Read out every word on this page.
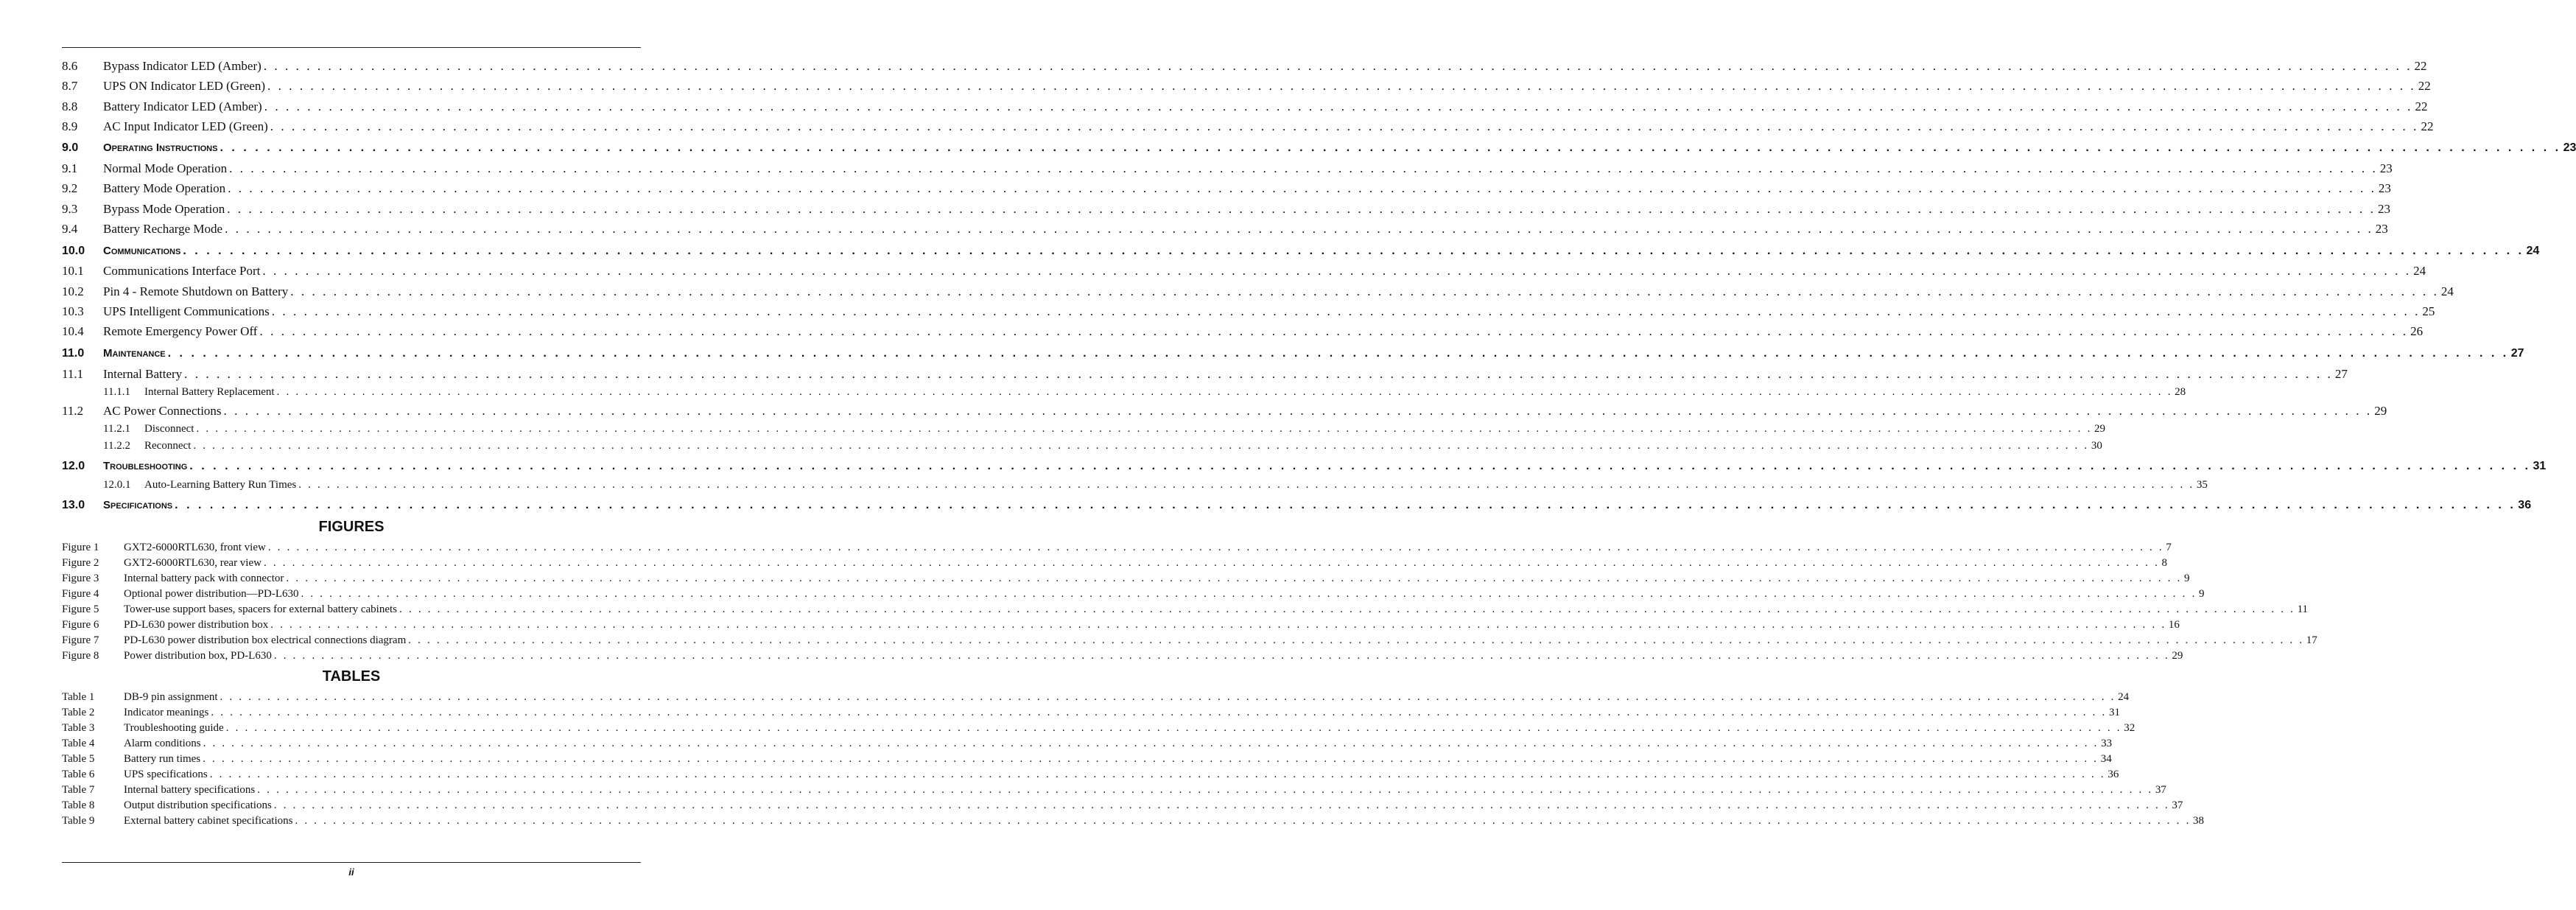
8.6	Bypass Indicator LED (Amber) . . . . . . . . . . . . . . . . . . . . . . . . . . . . . . . . . . . . . . . . . . . . . . . . . . . . . . . . . . . . . . . . . . . . . . . . . . . . . . . . . . . . . . . . . . . . . . . . . . . . . . . . . . . . . . . . . . . . . . . . . . . . . . . . . . . . . . . . . . . . . . . . . . . . . . . . . . . . . . . . . . . . . . . . . . . . . . . . . . . . . . . . . . . . . . . . . . . . . . . . 22
8.7	UPS ON Indicator LED (Green) . . . . . . . . . . . . . . . . . . . . . . . . . . . . . . . . . . . . . . . . . . . . . . . . . . . . . . . . . . . . . . . . . . . . . . . . . . . . . . . . . . . . . . . . . . . . . . . . . . . . . . . . . . . . . . . . . . . . . . . . . . . . . . . . . . . . . . . . . . . . . . . . . . . . . . . . . . . . . . . . . . . . . . . . . . . . . . . . . . . . . . . . . . . . . . . . . . . . . . . . 22
8.8	Battery Indicator LED (Amber) . . . . . . . . . . . . . . . . . . . . . . . . . . . . . . . . . . . . . . . . . . . . . . . . . . . . . . . . . . . . . . . . . . . . . . . . . . . . . . . . . . . . . . . . . . . . . . . . . . . . . . . . . . . . . . . . . . . . . . . . . . . . . . . . . . . . . . . . . . . . . . . . . . . . . . . . . . . . . . . . . . . . . . . . . . . . . . . . . . . . . . . . . . . . . . . . . . . . . . . . 22
8.9	AC Input Indicator LED (Green) . . . . . . . . . . . . . . . . . . . . . . . . . . . . . . . . . . . . . . . . . . . . . . . . . . . . . . . . . . . . . . . . . . . . . . . . . . . . . . . . . . . . . . . . . . . . . . . . . . . . . . . . . . . . . . . . . . . . . . . . . . . . . . . . . . . . . . . . . . . . . . . . . . . . . . . . . . . . . . . . . . . . . . . . . . . . . . . . . . . . . . . . . . . . . . . . . . . . . . . . 22
9.0	Operating Instructions . . . . . . . . . . . . . . . . . . . . . . . . . . . . . . . . . . . . . . . . . . . . . . . . . . . . . . . . . . . . . . . . . . . . . . . . . . . . . . . . . . . . . . . . . . . . . . . . . . . . . . . . . . . . . . . . . . . . . . . . . . . . . . . . . . . . . . . . . . . . . . . . . . . . . . . . . . . . . . . . . . . . . . . . . . . . . . . . . . . . . . . . . . . . . . . . . . . . . . . . 23
9.1	Normal Mode Operation . . . . . . . . . . . . . . . . . . . . . . . . . . . . . . . . . . . . . . . . . . . . . . . . . . . . . . . . . . . . . . . . . . . . . . . . . . . . . . . . . . . . . . . . . . . . . . . . . . . . . . . . . . . . . . . . . . . . . . . . . . . . . . . . . . . . . . . . . . . . . . . . . . . . . . . . . . . . . . . . . . . . . . . . . . . . . . . . . . . . . . . . . . . . . . . . . . . . . . . . 23
9.2	Battery Mode Operation . . . . . . . . . . . . . . . . . . . . . . . . . . . . . . . . . . . . . . . . . . . . . . . . . . . . . . . . . . . . . . . . . . . . . . . . . . . . . . . . . . . . . . . . . . . . . . . . . . . . . . . . . . . . . . . . . . . . . . . . . . . . . . . . . . . . . . . . . . . . . . . . . . . . . . . . . . . . . . . . . . . . . . . . . . . . . . . . . . . . . . . . . . . . . . . . . . . . . . . . 23
9.3	Bypass Mode Operation . . . . . . . . . . . . . . . . . . . . . . . . . . . . . . . . . . . . . . . . . . . . . . . . . . . . . . . . . . . . . . . . . . . . . . . . . . . . . . . . . . . . . . . . . . . . . . . . . . . . . . . . . . . . . . . . . . . . . . . . . . . . . . . . . . . . . . . . . . . . . . . . . . . . . . . . . . . . . . . . . . . . . . . . . . . . . . . . . . . . . . . . . . . . . . . . . . . . . . . . 23
9.4	Battery Recharge Mode . . . . . . . . . . . . . . . . . . . . . . . . . . . . . . . . . . . . . . . . . . . . . . . . . . . . . . . . . . . . . . . . . . . . . . . . . . . . . . . . . . . . . . . . . . . . . . . . . . . . . . . . . . . . . . . . . . . . . . . . . . . . . . . . . . . . . . . . . . . . . . . . . . . . . . . . . . . . . . . . . . . . . . . . . . . . . . . . . . . . . . . . . . . . . . . . . . . . . . . . 23
10.0	Communications . . . . . . . . . . . . . . . . . . . . . . . . . . . . . . . . . . . . . . . . . . . . . . . . . . . . . . . . . . . . . . . . . . . . . . . . . . . . . . . . . . . . . . . . . . . . . . . . . . . . . . . . . . . . . . . . . . . . . . . . . . . . . . . . . . . . . . . . . . . . . . . . . . . . . . . . . . . . . . . . . . . . . . . . . . . . . . . . . . . . . . . . . . . . . . . . . . . . . . . . 24
10.1	Communications Interface Port . . . . . . . . . . . . . . . . . . . . . . . . . . . . . . . . . . . . . . . . . . . . . . . . . . . . . . . . . . . . . . . . . . . . . . . . . . . . . . . . . . . . . . . . . . . . . . . . . . . . . . . . . . . . . . . . . . . . . . . . . . . . . . . . . . . . . . . . . . . . . . . . . . . . . . . . . . . . . . . . . . . . . . . . . . . . . . . . . . . . . . . . . . . . . . . . . . . . . . . . 24
10.2	Pin 4 - Remote Shutdown on Battery . . . . . . . . . . . . . . . . . . . . . . . . . . . . . . . . . . . . . . . . . . . . . . . . . . . . . . . . . . . . . . . . . . . . . . . . . . . . . . . . . . . . . . . . . . . . . . . . . . . . . . . . . . . . . . . . . . . . . . . . . . . . . . . . . . . . . . . . . . . . . . . . . . . . . . . . . . . . . . . . . . . . . . . . . . . . . . . . . . . . . . . . . . . . . . . . . . . . . . . . 24
10.3	UPS Intelligent Communications . . . . . . . . . . . . . . . . . . . . . . . . . . . . . . . . . . . . . . . . . . . . . . . . . . . . . . . . . . . . . . . . . . . . . . . . . . . . . . . . . . . . . . . . . . . . . . . . . . . . . . . . . . . . . . . . . . . . . . . . . . . . . . . . . . . . . . . . . . . . . . . . . . . . . . . . . . . . . . . . . . . . . . . . . . . . . . . . . . . . . . . . . . . . . . . . . . . . . . . . 25
10.4	Remote Emergency Power Off . . . . . . . . . . . . . . . . . . . . . . . . . . . . . . . . . . . . . . . . . . . . . . . . . . . . . . . . . . . . . . . . . . . . . . . . . . . . . . . . . . . . . . . . . . . . . . . . . . . . . . . . . . . . . . . . . . . . . . . . . . . . . . . . . . . . . . . . . . . . . . . . . . . . . . . . . . . . . . . . . . . . . . . . . . . . . . . . . . . . . . . . . . . . . . . . . . . . . . . . 26
11.0	Maintenance . . . . . . . . . . . . . . . . . . . . . . . . . . . . . . . . . . . . . . . . . . . . . . . . . . . . . . . . . . . . . . . . . . . . . . . . . . . . . . . . . . . . . . . . . . . . . . . . . . . . . . . . . . . . . . . . . . . . . . . . . . . . . . . . . . . . . . . . . . . . . . . . . . . . . . . . . . . . . . . . . . . . . . . . . . . . . . . . . . . . . . . . . . . . . . . . . . . . . . . . 27
11.1	Internal Battery . . . . . . . . . . . . . . . . . . . . . . . . . . . . . . . . . . . . . . . . . . . . . . . . . . . . . . . . . . . . . . . . . . . . . . . . . . . . . . . . . . . . . . . . . . . . . . . . . . . . . . . . . . . . . . . . . . . . . . . . . . . . . . . . . . . . . . . . . . . . . . . . . . . . . . . . . . . . . . . . . . . . . . . . . . . . . . . . . . . . . . . . . . . . . . . . . . . . . . . . 27
11.1.1	Internal Battery Replacement . . . . . . . . . . . . . . . . . . . . . . . . . . . . . . . . . . . . . . . . . . . . . . . . . . . . . . . . . . . . . . . . . . . . . . . . . . . . . . . . . . . . . . . . . . . . . . . . . . . . . . . . . . . . . . . . . . . . . . . . . . . . . . . . . . . . . . . . . . . . . . . . . . . . . . . . . . . . . . . . . . . . . . . . . . . . . . . . . . . . . . . . . . . . . . . . . . . . . . . . 28
11.2	AC Power Connections . . . . . . . . . . . . . . . . . . . . . . . . . . . . . . . . . . . . . . . . . . . . . . . . . . . . . . . . . . . . . . . . . . . . . . . . . . . . . . . . . . . . . . . . . . . . . . . . . . . . . . . . . . . . . . . . . . . . . . . . . . . . . . . . . . . . . . . . . . . . . . . . . . . . . . . . . . . . . . . . . . . . . . . . . . . . . . . . . . . . . . . . . . . . . . . . . . . . . . . . 29
11.2.1	Disconnect . . . . . . . . . . . . . . . . . . . . . . . . . . . . . . . . . . . . . . . . . . . . . . . . . . . . . . . . . . . . . . . . . . . . . . . . . . . . . . . . . . . . . . . . . . . . . . . . . . . . . . . . . . . . . . . . . . . . . . . . . . . . . . . . . . . . . . . . . . . . . . . . . . . . . . . . . . . . . . . . . . . . . . . . . . . . . . . . . . . . . . . . . . . . . . . . . . . . . . . . 29
11.2.2	Reconnect . . . . . . . . . . . . . . . . . . . . . . . . . . . . . . . . . . . . . . . . . . . . . . . . . . . . . . . . . . . . . . . . . . . . . . . . . . . . . . . . . . . . . . . . . . . . . . . . . . . . . . . . . . . . . . . . . . . . . . . . . . . . . . . . . . . . . . . . . . . . . . . . . . . . . . . . . . . . . . . . . . . . . . . . . . . . . . . . . . . . . . . . . . . . . . . . . . . . . . . . 30
12.0	Troubleshooting . . . . . . . . . . . . . . . . . . . . . . . . . . . . . . . . . . . . . . . . . . . . . . . . . . . . . . . . . . . . . . . . . . . . . . . . . . . . . . . . . . . . . . . . . . . . . . . . . . . . . . . . . . . . . . . . . . . . . . . . . . . . . . . . . . . . . . . . . . . . . . . . . . . . . . . . . . . . . . . . . . . . . . . . . . . . . . . . . . . . . . . . . . . . . . . . . . . . . . . . 31
12.0.1	Auto-Learning Battery Run Times . . . . . . . . . . . . . . . . . . . . . . . . . . . . . . . . . . . . . . . . . . . . . . . . . . . . . . . . . . . . . . . . . . . . . . . . . . . . . . . . . . . . . . . . . . . . . . . . . . . . . . . . . . . . . . . . . . . . . . . . . . . . . . . . . . . . . . . . . . . . . . . . . . . . . . . . . . . . . . . . . . . . . . . . . . . . . . . . . . . . . . . . . . . . . . . . . . . . . . . . 35
13.0	Specifications . . . . . . . . . . . . . . . . . . . . . . . . . . . . . . . . . . . . . . . . . . . . . . . . . . . . . . . . . . . . . . . . . . . . . . . . . . . . . . . . . . . . . . . . . . . . . . . . . . . . . . . . . . . . . . . . . . . . . . . . . . . . . . . . . . . . . . . . . . . . . . . . . . . . . . . . . . . . . . . . . . . . . . . . . . . . . . . . . . . . . . . . . . . . . . . . . . . . . . . . 36
FIGURES
Figure 1	GXT2-6000RTL630, front view . . . . . . . . . . . . . . . . . . . . . . . . . . . . . . . . . . . . . . . . . . . . . . . . . . . . . . . . . . . . . . . . . . . . . . . . . . . . . . . . . . . . . . . . . . . . . . . . . . . . . . . . . . . . . . . . . . . . . . . . . . . . . . . . . . . . . . . . . . . . . . . . . . . . . . . . . . . . . . . . . . . . . . . . . . . . . . . . . . . . . . . . . . . . . . . . . . . . . . . . 7
Figure 2	GXT2-6000RTL630, rear view . . . . . . . . . . . . . . . . . . . . . . . . . . . . . . . . . . . . . . . . . . . . . . . . . . . . . . . . . . . . . . . . . . . . . . . . . . . . . . . . . . . . . . . . . . . . . . . . . . . . . . . . . . . . . . . . . . . . . . . . . . . . . . . . . . . . . . . . . . . . . . . . . . . . . . . . . . . . . . . . . . . . . . . . . . . . . . . . . . . . . . . . . . . . . . . . . . . . . . . . 8
Figure 3	Internal battery pack with connector . . . . . . . . . . . . . . . . . . . . . . . . . . . . . . . . . . . . . . . . . . . . . . . . . . . . . . . . . . . . . . . . . . . . . . . . . . . . . . . . . . . . . . . . . . . . . . . . . . . . . . . . . . . . . . . . . . . . . . . . . . . . . . . . . . . . . . . . . . . . . . . . . . . . . . . . . . . . . . . . . . . . . . . . . . . . . . . . . . . . . . . . . . . . . . . . . . . . . . . . 9
Figure 4	Optional power distribution—PD-L630 . . . . . . . . . . . . . . . . . . . . . . . . . . . . . . . . . . . . . . . . . . . . . . . . . . . . . . . . . . . . . . . . . . . . . . . . . . . . . . . . . . . . . . . . . . . . . . . . . . . . . . . . . . . . . . . . . . . . . . . . . . . . . . . . . . . . . . . . . . . . . . . . . . . . . . . . . . . . . . . . . . . . . . . . . . . . . . . . . . . . . . . . . . . . . . . . . . . . . . . . 9
Figure 5	Tower-use support bases, spacers for external battery cabinets . . . . . . . . . . . . . . . . . . . . . . . . . . . . . . . . . . . . . . . . . . . . . . . . . . . . . . . . . . . . . . . . . . . . . . . . . . . . . . . . . . . . . . . . . . . . . . . . . . . . . . . . . . . . . . . . . . . . . . . . . . . . . . . . . . . . . . . . . . . . . . . . . . . . . . . . . . . . . . . . . . . . . . . . . . . . . . . . . . . . . . . . . . . . . . . . . . . . . . . . 11
Figure 6	PD-L630 power distribution box . . . . . . . . . . . . . . . . . . . . . . . . . . . . . . . . . . . . . . . . . . . . . . . . . . . . . . . . . . . . . . . . . . . . . . . . . . . . . . . . . . . . . . . . . . . . . . . . . . . . . . . . . . . . . . . . . . . . . . . . . . . . . . . . . . . . . . . . . . . . . . . . . . . . . . . . . . . . . . . . . . . . . . . . . . . . . . . . . . . . . . . . . . . . . . . . . . . . . . . . 16
Figure 7	PD-L630 power distribution box electrical connections diagram . . . . . . . . . . . . . . . . . . . . . . . . . . . . . . . . . . . . . . . . . . . . . . . . . . . . . . . . . . . . . . . . . . . . . . . . . . . . . . . . . . . . . . . . . . . . . . . . . . . . . . . . . . . . . . . . . . . . . . . . . . . . . . . . . . . . . . . . . . . . . . . . . . . . . . . . . . . . . . . . . . . . . . . . . . . . . . . . . . . . . . . . . . . . . . . . . . . . . . . . 17
Figure 8	Power distribution box, PD-L630 . . . . . . . . . . . . . . . . . . . . . . . . . . . . . . . . . . . . . . . . . . . . . . . . . . . . . . . . . . . . . . . . . . . . . . . . . . . . . . . . . . . . . . . . . . . . . . . . . . . . . . . . . . . . . . . . . . . . . . . . . . . . . . . . . . . . . . . . . . . . . . . . . . . . . . . . . . . . . . . . . . . . . . . . . . . . . . . . . . . . . . . . . . . . . . . . . . . . . . . . 29
TABLES
Table 1	DB-9 pin assignment . . . . . . . . . . . . . . . . . . . . . . . . . . . . . . . . . . . . . . . . . . . . . . . . . . . . . . . . . . . . . . . . . . . . . . . . . . . . . . . . . . . . . . . . . . . . . . . . . . . . . . . . . . . . . . . . . . . . . . . . . . . . . . . . . . . . . . . . . . . . . . . . . . . . . . . . . . . . . . . . . . . . . . . . . . . . . . . . . . . . . . . . . . . . . . . . . . . . . . . . 24
Table 2	Indicator meanings . . . . . . . . . . . . . . . . . . . . . . . . . . . . . . . . . . . . . . . . . . . . . . . . . . . . . . . . . . . . . . . . . . . . . . . . . . . . . . . . . . . . . . . . . . . . . . . . . . . . . . . . . . . . . . . . . . . . . . . . . . . . . . . . . . . . . . . . . . . . . . . . . . . . . . . . . . . . . . . . . . . . . . . . . . . . . . . . . . . . . . . . . . . . . . . . . . . . . . . . 31
Table 3	Troubleshooting guide . . . . . . . . . . . . . . . . . . . . . . . . . . . . . . . . . . . . . . . . . . . . . . . . . . . . . . . . . . . . . . . . . . . . . . . . . . . . . . . . . . . . . . . . . . . . . . . . . . . . . . . . . . . . . . . . . . . . . . . . . . . . . . . . . . . . . . . . . . . . . . . . . . . . . . . . . . . . . . . . . . . . . . . . . . . . . . . . . . . . . . . . . . . . . . . . . . . . . . . . 32
Table 4	Alarm conditions . . . . . . . . . . . . . . . . . . . . . . . . . . . . . . . . . . . . . . . . . . . . . . . . . . . . . . . . . . . . . . . . . . . . . . . . . . . . . . . . . . . . . . . . . . . . . . . . . . . . . . . . . . . . . . . . . . . . . . . . . . . . . . . . . . . . . . . . . . . . . . . . . . . . . . . . . . . . . . . . . . . . . . . . . . . . . . . . . . . . . . . . . . . . . . . . . . . . . . . . 33
Table 5	Battery run times . . . . . . . . . . . . . . . . . . . . . . . . . . . . . . . . . . . . . . . . . . . . . . . . . . . . . . . . . . . . . . . . . . . . . . . . . . . . . . . . . . . . . . . . . . . . . . . . . . . . . . . . . . . . . . . . . . . . . . . . . . . . . . . . . . . . . . . . . . . . . . . . . . . . . . . . . . . . . . . . . . . . . . . . . . . . . . . . . . . . . . . . . . . . . . . . . . . . . . . . 34
Table 6	UPS specifications . . . . . . . . . . . . . . . . . . . . . . . . . . . . . . . . . . . . . . . . . . . . . . . . . . . . . . . . . . . . . . . . . . . . . . . . . . . . . . . . . . . . . . . . . . . . . . . . . . . . . . . . . . . . . . . . . . . . . . . . . . . . . . . . . . . . . . . . . . . . . . . . . . . . . . . . . . . . . . . . . . . . . . . . . . . . . . . . . . . . . . . . . . . . . . . . . . . . . . . . 36
Table 7	Internal battery specifications . . . . . . . . . . . . . . . . . . . . . . . . . . . . . . . . . . . . . . . . . . . . . . . . . . . . . . . . . . . . . . . . . . . . . . . . . . . . . . . . . . . . . . . . . . . . . . . . . . . . . . . . . . . . . . . . . . . . . . . . . . . . . . . . . . . . . . . . . . . . . . . . . . . . . . . . . . . . . . . . . . . . . . . . . . . . . . . . . . . . . . . . . . . . . . . . . . . . . . . . 37
Table 8	Output distribution specifications . . . . . . . . . . . . . . . . . . . . . . . . . . . . . . . . . . . . . . . . . . . . . . . . . . . . . . . . . . . . . . . . . . . . . . . . . . . . . . . . . . . . . . . . . . . . . . . . . . . . . . . . . . . . . . . . . . . . . . . . . . . . . . . . . . . . . . . . . . . . . . . . . . . . . . . . . . . . . . . . . . . . . . . . . . . . . . . . . . . . . . . . . . . . . . . . . . . . . . . . 37
Table 9	External battery cabinet specifications . . . . . . . . . . . . . . . . . . . . . . . . . . . . . . . . . . . . . . . . . . . . . . . . . . . . . . . . . . . . . . . . . . . . . . . . . . . . . . . . . . . . . . . . . . . . . . . . . . . . . . . . . . . . . . . . . . . . . . . . . . . . . . . . . . . . . . . . . . . . . . . . . . . . . . . . . . . . . . . . . . . . . . . . . . . . . . . . . . . . . . . . . . . . . . . . . . . . . . . . 38
ii
